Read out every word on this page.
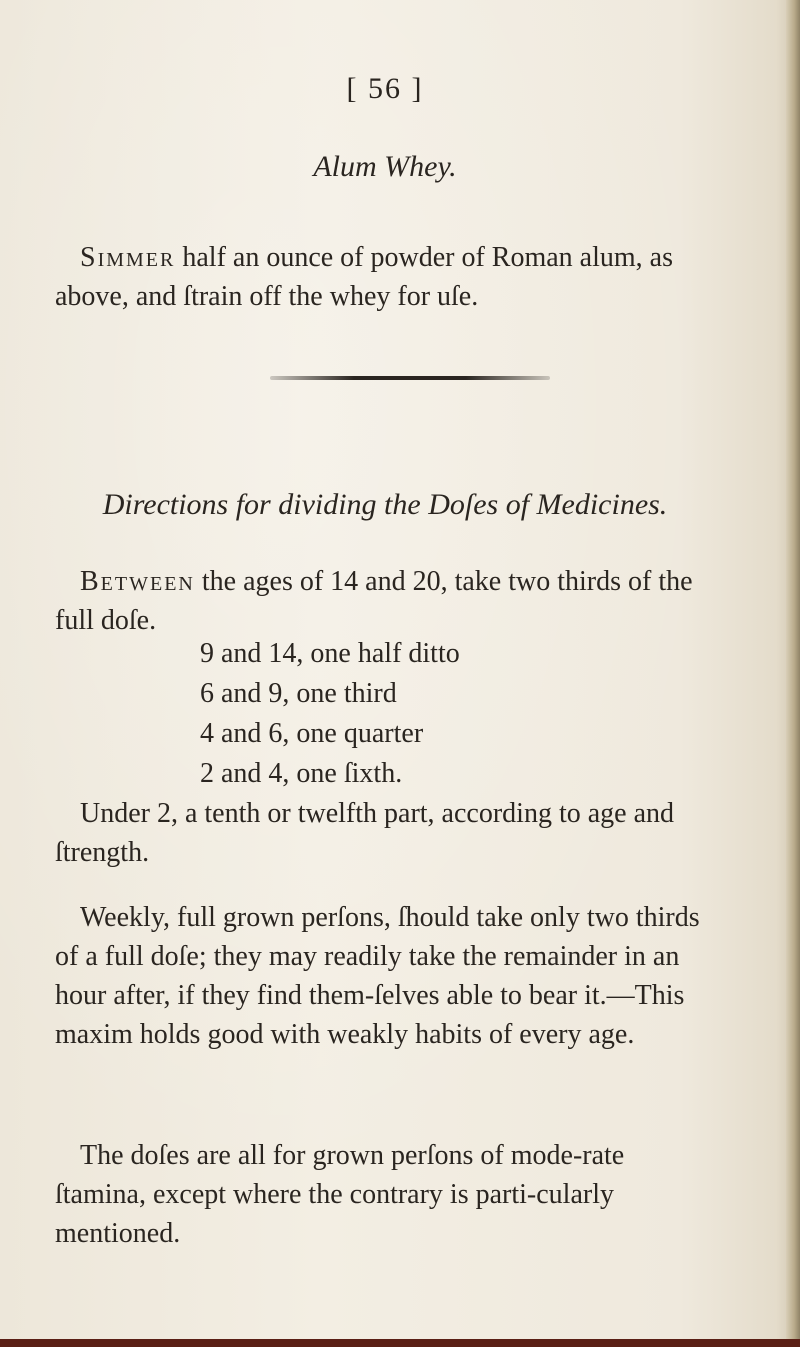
[ 56 ]
Alum Whey.
Simmer half an ounce of powder of Roman alum, as above, and ſtrain off the whey for uſe.
Directions for dividing the Doſes of Medicines.
Between the ages of 14 and 20, take two thirds of the full doſe.
9 and 14, one half ditto
6 and 9, one third
4 and 6, one quarter
2 and 4, one ſixth.
Under 2, a tenth or twelfth part, according to age and ſtrength.
Weekly, full grown perſons, ſhould take only two thirds of a full doſe; they may readily take the remainder in an hour after, if they find them-ſelves able to bear it.—This maxim holds good with weakly habits of every age.
The doſes are all for grown perſons of mode-rate ſtamina, except where the contrary is parti-cularly mentioned.
